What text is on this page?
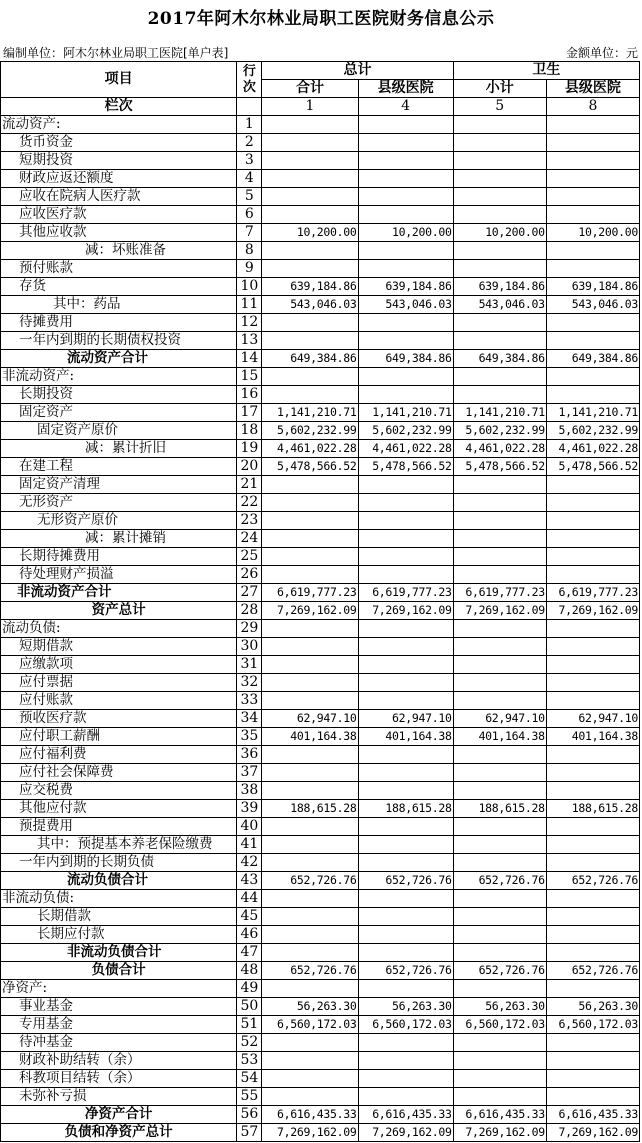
2017年阿木尔林业局职工医院财务信息公示
编制单位：阿木尔林业局职工医院[单户表]	金额单位：元
项目	行次	总计		卫生	
		合计	县级医院	小计	县级医院
栏次		1	4	5	8
流动资产:	1				
货币资金	2				
短期投资	3				
财政应返还额度	4				
应收在院病人医疗款	5				
应收医疗款	6				
其他应收款	7	10,200.00	10,200.00	10,200.00	10,200.00
减：坏账准备	8				
预付账款	9				
存货	10	639,184.86	639,184.86	639,184.86	639,184.86
其中：药品	11	543,046.03	543,046.03	543,046.03	543,046.03
待摊费用	12				
一年内到期的长期债权投资	13				
流动资产合计	14	649,384.86	649,384.86	649,384.86	649,384.86
非流动资产:	15				
长期投资	16				
固定资产	17	1,141,210.71	1,141,210.71	1,141,210.71	1,141,210.71
固定资产原价	18	5,602,232.99	5,602,232.99	5,602,232.99	5,602,232.99
减：累计折旧	19	4,461,022.28	4,461,022.28	4,461,022.28	4,461,022.28
在建工程	20	5,478,566.52	5,478,566.52	5,478,566.52	5,478,566.52
固定资产清理	21				
无形资产	22				
无形资产原价	23				
减：累计摊销	24				
长期待摊费用	25				
待处理财产损溢	26				
非流动资产合计	27	6,619,777.23	6,619,777.23	6,619,777.23	6,619,777.23
资产总计	28	7,269,162.09	7,269,162.09	7,269,162.09	7,269,162.09
流动负债:	29				
短期借款	30				
应缴款项	31				
应付票据	32				
应付账款	33				
预收医疗款	34	62,947.10	62,947.10	62,947.10	62,947.10
应付职工薪酬	35	401,164.38	401,164.38	401,164.38	401,164.38
应付福利费	36				
应付社会保障费	37				
应交税费	38				
其他应付款	39	188,615.28	188,615.28	188,615.28	188,615.28
预提费用	40				
其中：预提基本养老保险缴费	41				
一年内到期的长期负债	42				
流动负债合计	43	652,726.76	652,726.76	652,726.76	652,726.76
非流动负债:	44				
长期借款	45				
长期应付款	46				
非流动负债合计	47				
负债合计	48	652,726.76	652,726.76	652,726.76	652,726.76
净资产:	49				
事业基金	50	56,263.30	56,263.30	56,263.30	56,263.30
专用基金	51	6,560,172.03	6,560,172.03	6,560,172.03	6,560,172.03
待冲基金	52				
财政补助结转（余）	53				
科教项目结转（余）	54				
未弥补亏损	55				
净资产合计	56	6,616,435.33	6,616,435.33	6,616,435.33	6,616,435.33
负债和净资产总计	57	7,269,162.09	7,269,162.09	7,269,162.09	7,269,162.09
